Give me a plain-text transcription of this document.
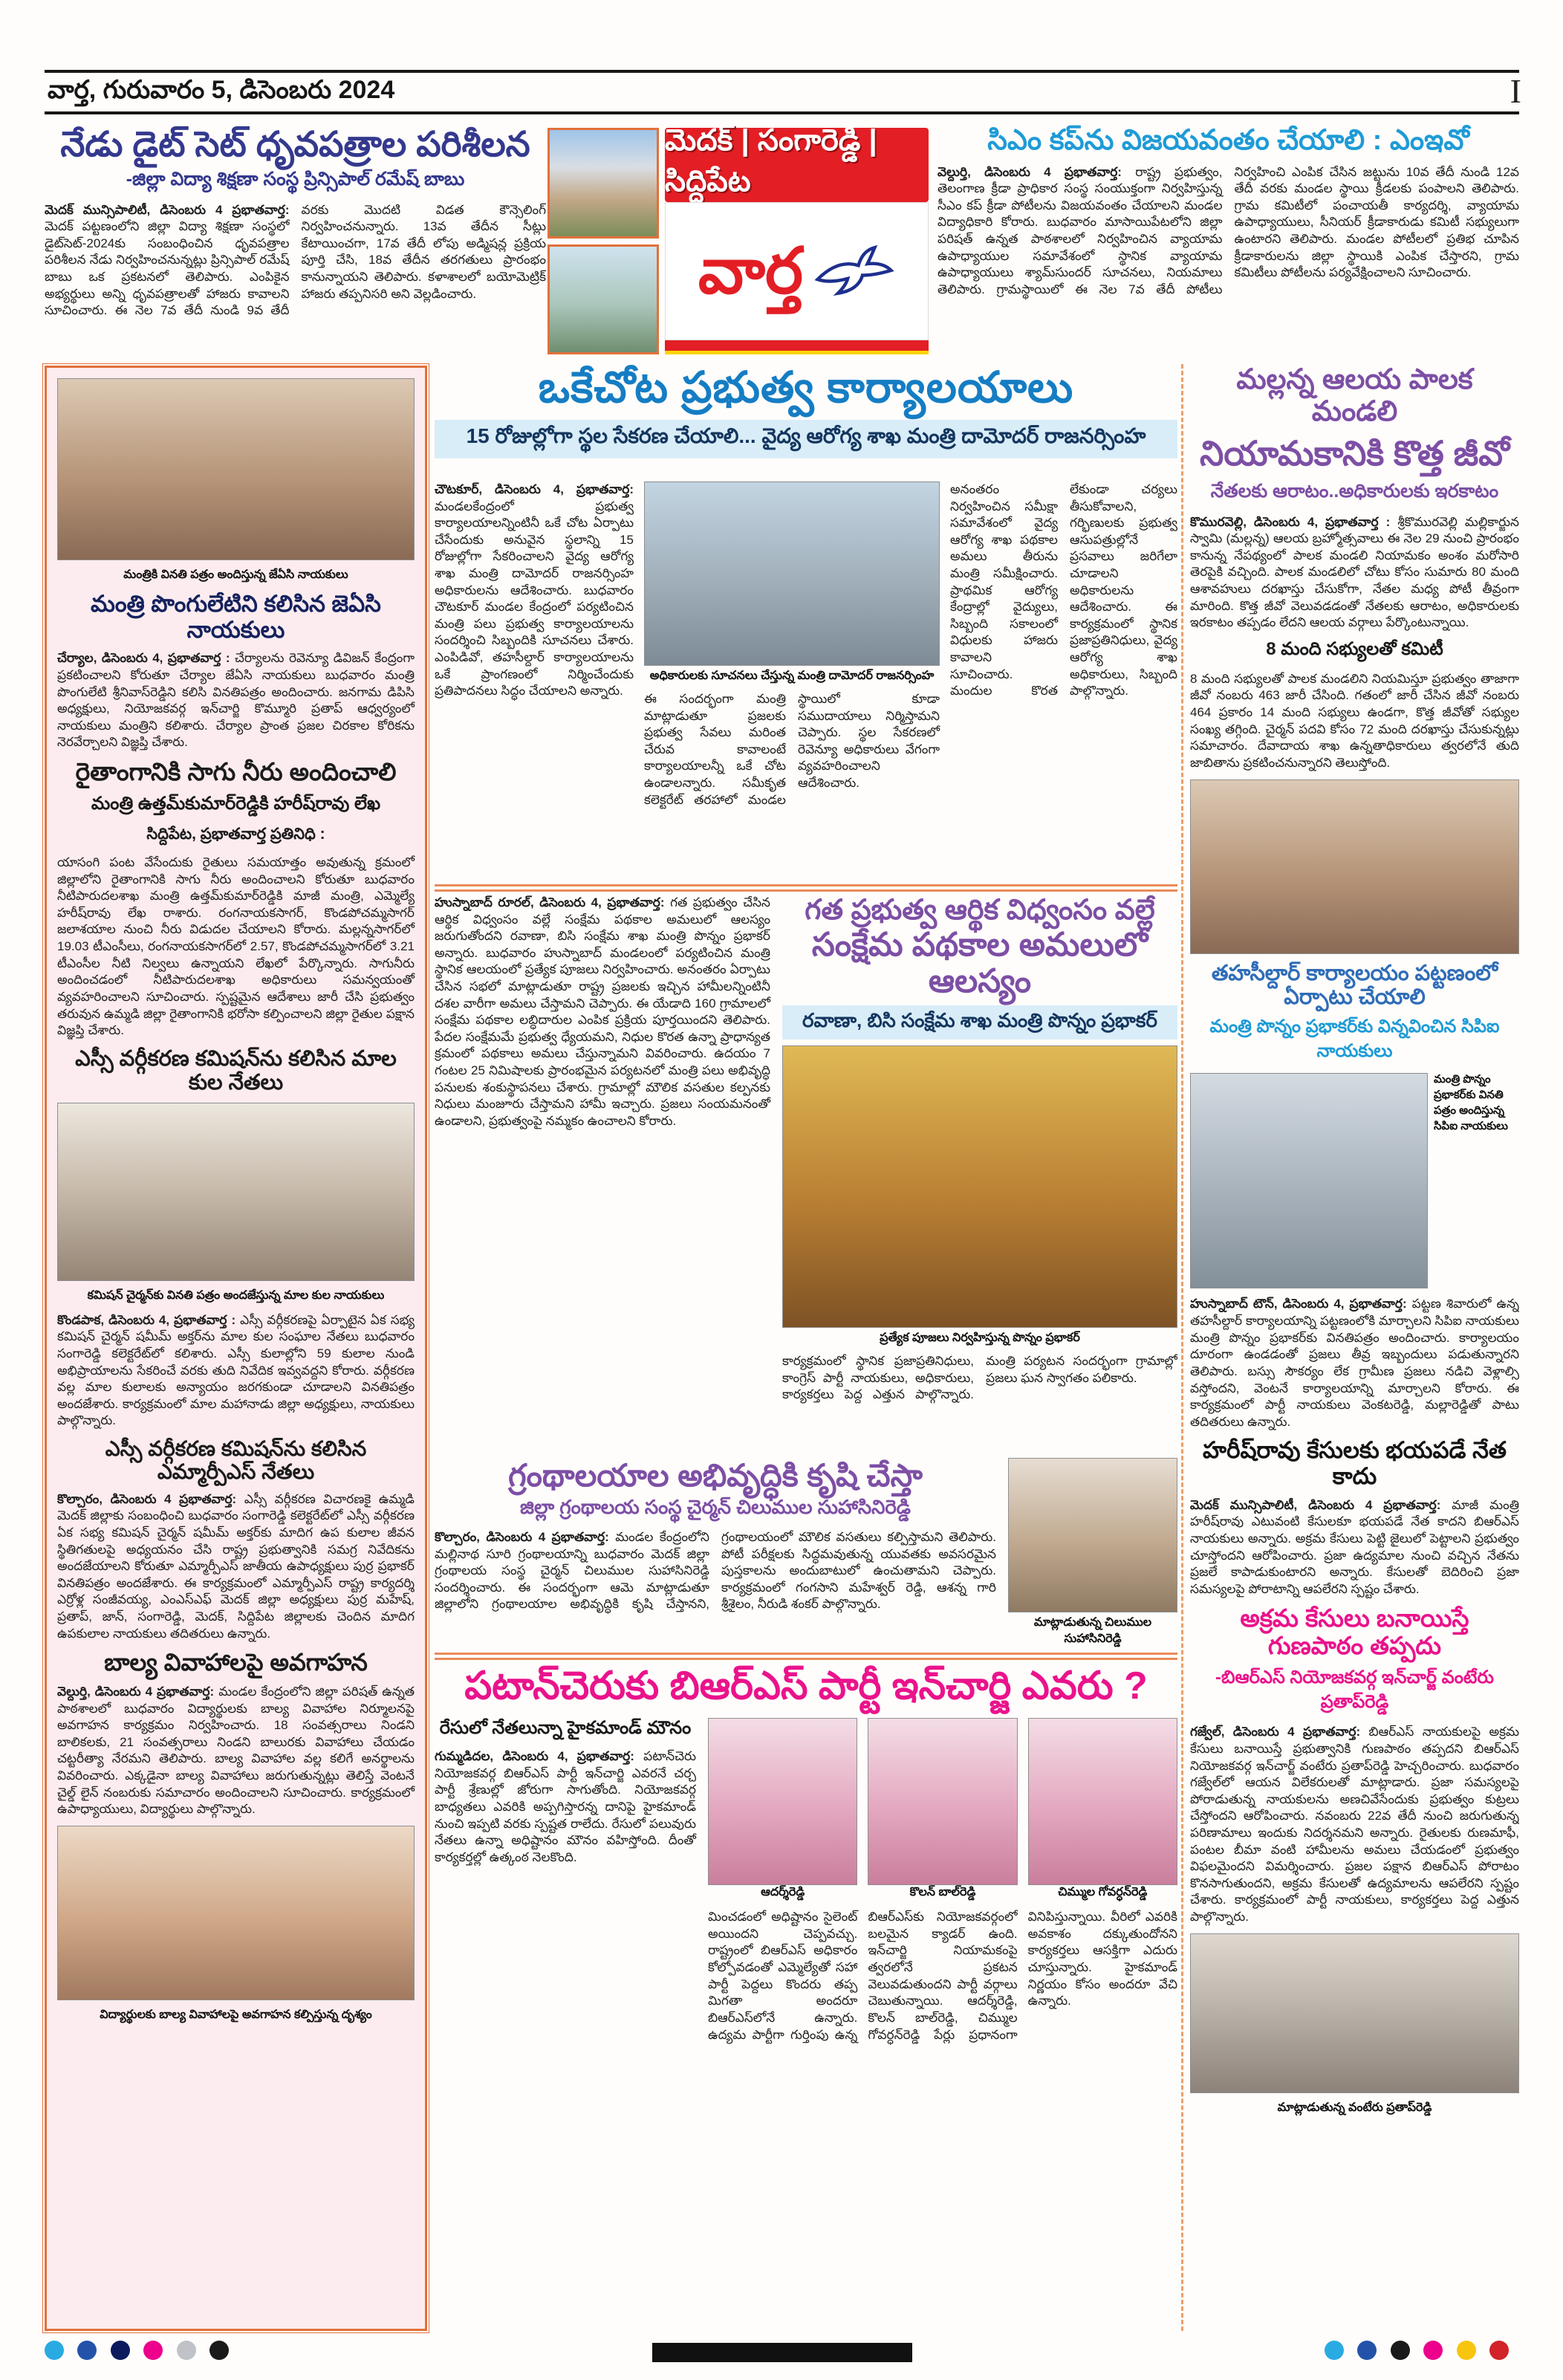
వార్త, గురువారం 5, డిసెంబరు 2024	I
నేడు డైట్ సెట్ ధృవపత్రాల పరిశీలన
-జిల్లా విద్యా శిక్షణా సంస్థ ప్రిన్సిపాల్ రమేష్ బాబు
మెదక్ మున్సిపాలిటీ, డిసెంబరు 4 ప్రభాతవార్త: మెదక్ పట్టణంలోని జిల్లా విద్యా శిక్షణా సంస్థలో డైట్‌సెట్-2024కు సంబంధించిన ధృవపత్రాల పరిశీలన నేడు నిర్వహించనున్నట్లు ప్రిన్సిపాల్ రమేష్ బాబు ఒక ప్రకటనలో తెలిపారు. ఎంపికైన అభ్యర్థులు అన్ని ధృవపత్రాలతో హాజరు కావాలని సూచించారు. ఈ నెల 7వ తేదీ నుండి 9వ తేదీ వరకు మొదటి విడత కౌన్సెలింగ్ నిర్వహించనున్నారు. 13వ తేదీన సీట్లు కేటాయించగా, 17వ తేదీ లోపు అడ్మిషన్ల ప్రక్రియ పూర్తి చేసి, 18వ తేదీన తరగతులు ప్రారంభం కానున్నాయని తెలిపారు. కళాశాలలో బయోమెట్రిక్ హాజరు తప్పనిసరి అని వెల్లడించారు.
మెదక్ | సంగారెడ్డి | సిద్దిపేట
వార్త
సిఎం కప్‌ను విజయవంతం చేయాలి : ఎంఇవో
వెల్దుర్తి, డిసెంబరు 4 ప్రభాతవార్త: రాష్ట్ర ప్రభుత్వం, తెలంగాణ క్రీడా ప్రాధికార సంస్థ సంయుక్తంగా నిర్వహిస్తున్న సీఎం కప్ క్రీడా పోటీలను విజయవంతం చేయాలని మండల విద్యాధికారి కోరారు. బుధవారం మాసాయిపేటలోని జిల్లా పరిషత్ ఉన్నత పాఠశాలలో నిర్వహించిన వ్యాయామ ఉపాధ్యాయుల సమావేశంలో స్థానిక వ్యాయామ ఉపాధ్యాయులు శ్యామ్‌సుందర్ సూచనలు, నియమాలు తెలిపారు. గ్రామస్థాయిలో ఈ నెల 7వ తేదీ పోటీలు నిర్వహించి ఎంపిక చేసిన జట్టును 10వ తేదీ నుండి 12వ తేదీ వరకు మండల స్థాయి క్రీడలకు పంపాలని తెలిపారు. గ్రామ కమిటీలో పంచాయతీ కార్యదర్శి, వ్యాయామ ఉపాధ్యాయులు, సీనియర్ క్రీడాకారుడు కమిటీ సభ్యులుగా ఉంటారని తెలిపారు. మండల పోటీలలో ప్రతిభ చూపిన క్రీడాకారులను జిల్లా స్థాయికి ఎంపిక చేస్తారని, గ్రామ కమిటీలు పోటీలను పర్యవేక్షించాలని సూచించారు.
మంత్రికి వినతి పత్రం అందిస్తున్న జేఏసి నాయకులు
మంత్రి పొంగులేటిని కలిసిన జెఏసి నాయకులు
చేర్యాల, డిసెంబరు 4, ప్రభాతవార్త : చేర్యాలను రెవెన్యూ డివిజన్ కేంద్రంగా ప్రకటించాలని కోరుతూ చేర్యాల జేఏసి నాయకులు బుధవారం మంత్రి పొంగులేటి శ్రీనివాస్‌రెడ్డిని కలిసి వినతిపత్రం అందించారు. జనగామ డిపిసి అధ్యక్షులు, నియోజకవర్గ ఇన్‌చార్జి కొమ్మూరి ప్రతాప్ ఆధ్వర్యంలో నాయకులు మంత్రిని కలిశారు. చేర్యాల ప్రాంత ప్రజల చిరకాల కోరికను నెరవేర్చాలని విజ్ఞప్తి చేశారు.
రైతాంగానికి సాగు నీరు అందించాలి
మంత్రి ఉత్తమ్‌కుమార్‌రెడ్డికి హరీష్‌రావు లేఖ
సిద్దిపేట, ప్రభాతవార్త ప్రతినిధి :
యాసంగి పంట వేసేందుకు రైతులు సమయాత్తం అవుతున్న క్రమంలో జిల్లాలోని రైతాంగానికి సాగు నీరు అందించాలని కోరుతూ బుధవారం నీటిపారుదలశాఖ మంత్రి ఉత్తమ్‌కుమార్‌రెడ్డికి మాజీ మంత్రి, ఎమ్మెల్యే హరీష్‌రావు లేఖ రాశారు. రంగనాయకసాగర్, కొండపోచమ్మసాగర్ జలాశయాల నుంచి నీరు విడుదల చేయాలని కోరారు. మల్లన్నసాగర్‌లో 19.03 టీఎంసీలు, రంగనాయకసాగర్‌లో 2.57, కొండపోచమ్మసాగర్‌లో 3.21 టీఎంసీల నీటి నిల్వలు ఉన్నాయని లేఖలో పేర్కొన్నారు. సాగునీరు అందించడంలో నీటిపారుదలశాఖ అధికారులు సమన్వయంతో వ్యవహరించాలని సూచించారు. స్పష్టమైన ఆదేశాలు జారీ చేసి ప్రభుత్వం తరువున ఉమ్మడి జిల్లా రైతాంగానికి భరోసా కల్పించాలని జిల్లా రైతుల పక్షాన విజ్ఞప్తి చేశారు.
ఎస్సీ వర్గీకరణ కమిషన్‌ను కలిసిన మాల కుల నేతలు
కమిషన్ చైర్మన్‌కు వినతి పత్రం అందజేస్తున్న మాల కుల నాయకులు
కొండపాక, డిసెంబరు 4, ప్రభాతవార్త : ఎస్సీ వర్గీకరణపై ఏర్పాటైన ఏక సభ్య కమిషన్ చైర్మన్ షమీమ్ అక్తర్‌ను మాల కుల సంఘాల నేతలు బుధవారం సంగారెడ్డి కలెక్టరేట్‌లో కలిశారు. ఎస్సీ కులాల్లోని 59 కులాల నుండి అభిప్రాయాలను సేకరించే వరకు తుది నివేదిక ఇవ్వవద్దని కోరారు. వర్గీకరణ వల్ల మాల కులాలకు అన్యాయం జరగకుండా చూడాలని వినతిపత్రం అందజేశారు. కార్యక్రమంలో మాల మహానాడు జిల్లా అధ్యక్షులు, నాయకులు పాల్గొన్నారు.
ఎస్సీ వర్గీకరణ కమిషన్‌ను కలిసిన ఎమ్మార్పీఎస్ నేతలు
కొల్చారం, డిసెంబరు 4 ప్రభాతవార్త: ఎస్సీ వర్గీకరణ విచారణకై ఉమ్మడి మెదక్ జిల్లాకు సంబంధించి బుధవారం సంగారెడ్డి కలెక్టరేట్‌లో ఎస్సీ వర్గీకరణ ఏక సభ్య కమిషన్ చైర్మన్ షమీమ్ అక్తర్‌కు మాదిగ ఉప కులాల జీవన స్థితిగతులపై అధ్యయనం చేసి రాష్ట్ర ప్రభుత్వానికి సమగ్ర నివేదికను అందజేయాలని కోరుతూ ఎమ్మార్పీఎస్ జాతీయ ఉపాధ్యక్షులు పుర్ర ప్రభాకర్ వినతిపత్రం అందజేశారు. ఈ కార్యక్రమంలో ఎమ్మార్పీఎస్ రాష్ట్ర కార్యదర్శి ఎర్రోళ్ల సంజీవయ్య, ఎంఎస్ఎఫ్ మెదక్ జిల్లా అధ్యక్షులు పుర్ర మహేష్, ప్రతాప్, జాన్, సంగారెడ్డి, మెదక్, సిద్దిపేట జిల్లాలకు చెందిన మాదిగ ఉపకులాల నాయకులు తదితరులు ఉన్నారు.
బాల్య వివాహాలపై అవగాహన
వెల్దుర్తి, డిసెంబరు 4 ప్రభాతవార్త: మండల కేంద్రంలోని జిల్లా పరిషత్ ఉన్నత పాఠశాలలో బుధవారం విద్యార్థులకు బాల్య వివాహాల నిర్మూలనపై అవగాహన కార్యక్రమం నిర్వహించారు. 18 సంవత్సరాలు నిండని బాలికలకు, 21 సంవత్సరాలు నిండని బాలురకు వివాహాలు చేయడం చట్టరీత్యా నేరమని తెలిపారు. బాల్య వివాహాల వల్ల కలిగే అనర్థాలను వివరించారు. ఎక్కడైనా బాల్య వివాహాలు జరుగుతున్నట్లు తెలిస్తే వెంటనే చైల్డ్ లైన్ నంబరుకు సమాచారం అందించాలని సూచించారు. కార్యక్రమంలో ఉపాధ్యాయులు, విద్యార్థులు పాల్గొన్నారు.
విద్యార్థులకు బాల్య వివాహాలపై అవగాహన కల్పిస్తున్న దృశ్యం
ఒకేచోట ప్రభుత్వ కార్యాలయాలు
15 రోజుల్లోగా స్థల సేకరణ చేయాలి... వైద్య ఆరోగ్య శాఖ మంత్రి దామోదర్ రాజనర్సింహ
చౌటకూర్, డిసెంబరు 4, ప్రభాతవార్త: మండలకేంద్రంలో ప్రభుత్వ కార్యాలయాలన్నింటినీ ఒకే చోట ఏర్పాటు చేసేందుకు అనువైన స్థలాన్ని 15 రోజుల్లోగా సేకరించాలని వైద్య ఆరోగ్య శాఖ మంత్రి దామోదర్ రాజనర్సింహ అధికారులను ఆదేశించారు. బుధవారం చౌటకూర్ మండల కేంద్రంలో పర్యటించిన మంత్రి పలు ప్రభుత్వ కార్యాలయాలను సందర్శించి సిబ్బందికి సూచనలు చేశారు. ఎంపిడివో, తహసీల్దార్ కార్యాలయాలను ఒకే ప్రాంగణంలో నిర్మించేందుకు ప్రతిపాదనలు సిద్ధం చేయాలని అన్నారు.
అధికారులకు సూచనలు చేస్తున్న మంత్రి దామోదర్ రాజనర్సింహ
ఈ సందర్భంగా మంత్రి మాట్లాడుతూ ప్రజలకు ప్రభుత్వ సేవలు మరింత చేరువ కావాలంటే కార్యాలయాలన్నీ ఒకే చోట ఉండాలన్నారు. సమీకృత కలెక్టరేట్ తరహాలో మండల స్థాయిలో కూడా సముదాయాలు నిర్మిస్తామని చెప్పారు. స్థల సేకరణలో రెవెన్యూ అధికారులు వేగంగా వ్యవహరించాలని ఆదేశించారు.
అనంతరం నిర్వహించిన సమీక్షా సమావేశంలో వైద్య ఆరోగ్య శాఖ పథకాల అమలు తీరును మంత్రి సమీక్షించారు. ప్రాథమిక ఆరోగ్య కేంద్రాల్లో వైద్యులు, సిబ్బంది సకాలంలో విధులకు హాజరు కావాలని సూచించారు. మందుల కొరత లేకుండా చర్యలు తీసుకోవాలని, గర్భిణులకు ప్రభుత్వ ఆసుపత్రుల్లోనే ప్రసవాలు జరిగేలా చూడాలని అధికారులను ఆదేశించారు. ఈ కార్యక్రమంలో స్థానిక ప్రజాప్రతినిధులు, వైద్య ఆరోగ్య శాఖ అధికారులు, సిబ్బంది పాల్గొన్నారు.
హుస్నాబాద్ రూరల్, డిసెంబరు 4, ప్రభాతవార్త: గత ప్రభుత్వం చేసిన ఆర్థిక విధ్వంసం వల్లే సంక్షేమ పథకాల అమలులో ఆలస్యం జరుగుతోందని రవాణా, బిసి సంక్షేమ శాఖ మంత్రి పొన్నం ప్రభాకర్ అన్నారు. బుధవారం హుస్నాబాద్ మండలంలో పర్యటించిన మంత్రి స్థానిక ఆలయంలో ప్రత్యేక పూజలు నిర్వహించారు. అనంతరం ఏర్పాటు చేసిన సభలో మాట్లాడుతూ రాష్ట్ర ప్రజలకు ఇచ్చిన హామీలన్నింటినీ దశల వారీగా అమలు చేస్తామని చెప్పారు. ఈ యేడాది 160 గ్రామాలలో సంక్షేమ పథకాల లబ్ధిదారుల ఎంపిక ప్రక్రియ పూర్తయిందని తెలిపారు. పేదల సంక్షేమమే ప్రభుత్వ ధ్యేయమని, నిధుల కొరత ఉన్నా ప్రాధాన్యత క్రమంలో పథకాలు అమలు చేస్తున్నామని వివరించారు. ఉదయం 7 గంటల 25 నిమిషాలకు ప్రారంభమైన పర్యటనలో మంత్రి పలు అభివృద్ధి పనులకు శంకుస్థాపనలు చేశారు. గ్రామాల్లో మౌలిక వసతుల కల్పనకు నిధులు మంజూరు చేస్తామని హామీ ఇచ్చారు. ప్రజలు సంయమనంతో ఉండాలని, ప్రభుత్వంపై నమ్మకం ఉంచాలని కోరారు.
గత ప్రభుత్వ ఆర్థిక విధ్వంసం వల్లే
సంక్షేమ పథకాల అమలులో ఆలస్యం
రవాణా, బిసి సంక్షేమ శాఖ మంత్రి పొన్నం ప్రభాకర్
ప్రత్యేక పూజలు నిర్వహిస్తున్న పొన్నం ప్రభాకర్
కార్యక్రమంలో స్థానిక ప్రజాప్రతినిధులు, కాంగ్రెస్ పార్టీ నాయకులు, అధికారులు, కార్యకర్తలు పెద్ద ఎత్తున పాల్గొన్నారు. మంత్రి పర్యటన సందర్భంగా గ్రామాల్లో ప్రజలు ఘన స్వాగతం పలికారు.
గ్రంథాలయాల అభివృద్ధికి కృషి చేస్తా
జిల్లా గ్రంథాలయ సంస్థ చైర్మన్ చిలుముల సుహాసినిరెడ్డి
కొల్చారం, డిసెంబరు 4 ప్రభాతవార్త: మండల కేంద్రంలోని మల్లినాథ సూరి గ్రంథాలయాన్ని బుధవారం మెదక్ జిల్లా గ్రంథాలయ సంస్థ చైర్మన్ చిలుముల సుహాసినిరెడ్డి సందర్శించారు. ఈ సందర్భంగా ఆమె మాట్లాడుతూ జిల్లాలోని గ్రంథాలయాల అభివృద్ధికి కృషి చేస్తానని, గ్రంథాలయంలో మౌలిక వసతులు కల్పిస్తామని తెలిపారు. పోటీ పరీక్షలకు సిద్ధమవుతున్న యువతకు అవసరమైన పుస్తకాలను అందుబాటులో ఉంచుతామని చెప్పారు. కార్యక్రమంలో గంగసాని మహేశ్వర్ రెడ్డి, ఆశన్న గారి శ్రీశైలం, నీరుడి శంకర్ పాల్గొన్నారు.
మాట్లాడుతున్న చిలుముల సుహాసినిరెడ్డి
పటాన్‌చెరుకు బిఆర్ఎస్ పార్టీ ఇన్‌చార్జి ఎవరు ?
రేసులో నేతలున్నా హైకమాండ్ మౌనం
గుమ్మడిదల, డిసెంబరు 4, ప్రభాతవార్త: పటాన్‌చెరు నియోజకవర్గ బిఆర్ఎస్ పార్టీ ఇన్‌చార్జి ఎవరనే చర్చ పార్టీ శ్రేణుల్లో జోరుగా సాగుతోంది. నియోజకవర్గ బాధ్యతలు ఎవరికి అప్పగిస్తారన్న దానిపై హైకమాండ్ నుంచి ఇప్పటి వరకు స్పష్టత రాలేదు. రేసులో పలువురు నేతలు ఉన్నా అధిష్టానం మౌనం వహిస్తోంది. దీంతో కార్యకర్తల్లో ఉత్కంఠ నెలకొంది.
ఆదర్శ్‌రెడ్డి	కొలన్ బాల్‌రెడ్డి	చిమ్ముల గోవర్ధన్‌రెడ్డి
మించడంలో అధిష్టానం సైలెంట్ అయిందని చెప్పవచ్చు. రాష్ట్రంలో బిఆర్ఎస్ అధికారం కోల్పోవడంతో ఎమ్మెల్యేతో సహా పార్టీ పెద్దలు కొందరు తప్ప మిగతా అందరూ బిఆర్ఎస్‌లోనే ఉన్నారు. ఉద్యమ పార్టీగా గుర్తింపు ఉన్న బిఆర్ఎస్‌కు నియోజకవర్గంలో బలమైన క్యాడర్ ఉంది. ఇన్‌చార్జి నియామకంపై త్వరలోనే ప్రకటన వెలువడుతుందని పార్టీ వర్గాలు చెబుతున్నాయి. ఆదర్శ్‌రెడ్డి, కొలన్ బాల్‌రెడ్డి, చిమ్ముల గోవర్ధన్‌రెడ్డి పేర్లు ప్రధానంగా వినిపిస్తున్నాయి. వీరిలో ఎవరికి అవకాశం దక్కుతుందోనని కార్యకర్తలు ఆసక్తిగా ఎదురు చూస్తున్నారు. హైకమాండ్ నిర్ణయం కోసం అందరూ వేచి ఉన్నారు.
మల్లన్న ఆలయ పాలక మండలి
నియామకానికి కొత్త జీవో
నేతలకు ఆరాటం..అధికారులకు ఇరకాటం
కొమురవెల్లి, డిసెంబరు 4, ప్రభాతవార్త : శ్రీకొమురవెల్లి మల్లికార్జున స్వామి (మల్లన్న) ఆలయ బ్రహ్మోత్సవాలు ఈ నెల 29 నుంచి ప్రారంభం కానున్న నేపథ్యంలో పాలక మండలి నియామకం అంశం మరోసారి తెరపైకి వచ్చింది. పాలక మండలిలో చోటు కోసం సుమారు 80 మంది ఆశావహులు దరఖాస్తు చేసుకోగా, నేతల మధ్య పోటీ తీవ్రంగా మారింది. కొత్త జీవో వెలువడడంతో నేతలకు ఆరాటం, అధికారులకు ఇరకాటం తప్పడం లేదని ఆలయ వర్గాలు పేర్కొంటున్నాయి.
8 మంది సభ్యులతో కమిటీ
8 మంది సభ్యులతో పాలక మండలిని నియమిస్తూ ప్రభుత్వం తాజాగా జీవో నంబరు 463 జారీ చేసింది. గతంలో జారీ చేసిన జీవో నంబరు 464 ప్రకారం 14 మంది సభ్యులు ఉండగా, కొత్త జీవోతో సభ్యుల సంఖ్య తగ్గింది. చైర్మన్ పదవి కోసం 72 మంది దరఖాస్తు చేసుకున్నట్లు సమాచారం. దేవాదాయ శాఖ ఉన్నతాధికారులు త్వరలోనే తుది జాబితాను ప్రకటించనున్నారని తెలుస్తోంది.
తహసీల్దార్ కార్యాలయం పట్టణంలో ఏర్పాటు చేయాలి
మంత్రి పొన్నం ప్రభాకర్‌కు విన్నవించిన సిపిఐ నాయకులు
మంత్రి పొన్నం ప్రభాకర్‌కు వినతి పత్రం అందిస్తున్న సిపిఐ నాయకులు
హుస్నాబాద్ టౌన్, డిసెంబరు 4, ప్రభాతవార్త: పట్టణ శివారులో ఉన్న తహసీల్దార్ కార్యాలయాన్ని పట్టణంలోకి మార్చాలని సిపిఐ నాయకులు మంత్రి పొన్నం ప్రభాకర్‌కు వినతిపత్రం అందించారు. కార్యాలయం దూరంగా ఉండడంతో ప్రజలు తీవ్ర ఇబ్బందులు పడుతున్నారని తెలిపారు. బస్సు సౌకర్యం లేక గ్రామీణ ప్రజలు నడిచి వెళ్లాల్సి వస్తోందని, వెంటనే కార్యాలయాన్ని మార్చాలని కోరారు. ఈ కార్యక్రమంలో పార్టీ నాయకులు వెంకటరెడ్డి, మల్లారెడ్డితో పాటు తదితరులు ఉన్నారు.
హరీష్‌రావు కేసులకు భయపడే నేత కాదు
మెదక్ మున్సిపాలిటీ, డిసెంబరు 4 ప్రభాతవార్త: మాజీ మంత్రి హరీష్‌రావు ఎటువంటి కేసులకూ భయపడే నేత కాదని బిఆర్ఎస్ నాయకులు అన్నారు. అక్రమ కేసులు పెట్టి జైలులో పెట్టాలని ప్రభుత్వం చూస్తోందని ఆరోపించారు. ప్రజా ఉద్యమాల నుంచి వచ్చిన నేతను ప్రజలే కాపాడుకుంటారని అన్నారు. కేసులతో బెదిరించి ప్రజా సమస్యలపై పోరాటాన్ని ఆపలేరని స్పష్టం చేశారు.
అక్రమ కేసులు బనాయిస్తే గుణపాఠం తప్పదు
-బిఆర్ఎస్ నియోజకవర్గ ఇన్‌చార్జ్ వంటేరు ప్రతాప్‌రెడ్డి
గజ్వేల్, డిసెంబరు 4 ప్రభాతవార్త: బిఆర్ఎస్ నాయకులపై అక్రమ కేసులు బనాయిస్తే ప్రభుత్వానికి గుణపాఠం తప్పదని బిఆర్ఎస్ నియోజకవర్గ ఇన్‌చార్జ్ వంటేరు ప్రతాప్‌రెడ్డి హెచ్చరించారు. బుధవారం గజ్వేల్‌లో ఆయన విలేకరులతో మాట్లాడారు. ప్రజా సమస్యలపై పోరాడుతున్న నాయకులను అణచివేసేందుకు ప్రభుత్వం కుట్రలు చేస్తోందని ఆరోపించారు. నవంబరు 22వ తేదీ నుంచి జరుగుతున్న పరిణామాలు ఇందుకు నిదర్శనమని అన్నారు. రైతులకు రుణమాఫీ, పంటల బీమా వంటి హామీలను అమలు చేయడంలో ప్రభుత్వం విఫలమైందని విమర్శించారు. ప్రజల పక్షాన బిఆర్ఎస్ పోరాటం కొనసాగుతుందని, అక్రమ కేసులతో ఉద్యమాలను ఆపలేరని స్పష్టం చేశారు. కార్యక్రమంలో పార్టీ నాయకులు, కార్యకర్తలు పెద్ద ఎత్తున పాల్గొన్నారు.
మాట్లాడుతున్న వంటేరు ప్రతాప్‌రెడ్డి
